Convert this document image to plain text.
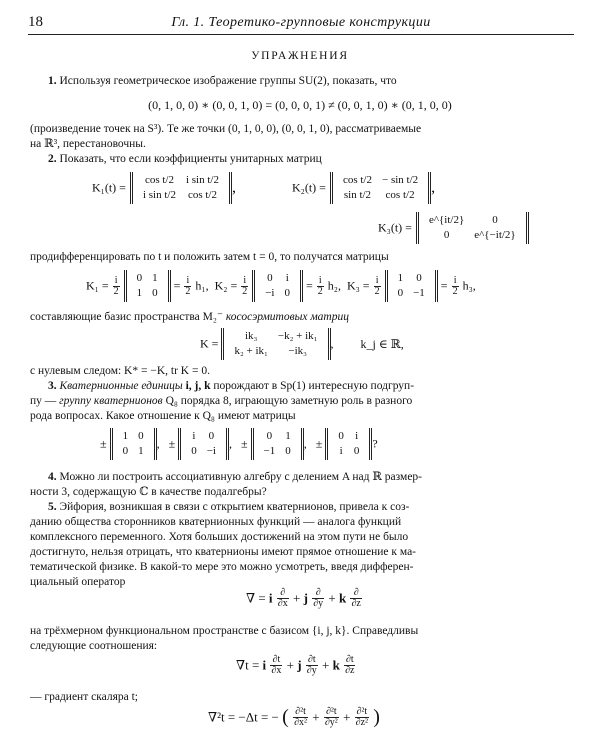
18	Гл. 1. Теоретико-групповые конструкции
УПРАЖНЕНИЯ
1. Используя геометрическое изображение группы SU(2), показать, что
(0, 1, 0, 0) ∗ (0, 0, 1, 0) = (0, 0, 0, 1) ≠ (0, 0, 1, 0) ∗ (0, 1, 0, 0)
(произведение точек на S³). Те же точки (0, 1, 0, 0), (0, 0, 1, 0), рассматриваемые
на ℝ³, перестановочны.
2. Показать, что если коэффициенты унитарных матриц
K₁(t) =
cos t/2	i sin t/2
i sin t/2	cos t/2 ,	K₂(t) =
cos t/2	− sin t/2
sin t/2	cos t/2 ,
K₃(t) =
e^{it/2}	0
0	e^{−it/2}
продифференцировать по t и положить затем t = 0, то получатся матрицы
$K_1 = \frac{i}{2}$
0	1
1	0
= $\frac{i}{2} h_1$,  $K_2 = \frac{i}{2}$
0	i
−i	0
= $\frac{i}{2} h_2$,  $K_3 = \frac{i}{2}$
1	0
0	−1
= $\frac{i}{2} h_3$,
составляющие базис пространства M₂⁻ кососэрмитовых матриц
K =
ik₃	−k₂ + ik₁
k₂ + ik₁	−ik₃
, k_j ∈ ℝ,
с нулевым следом: K* = −K, tr K = 0.
3. Кватернионные единицы i, j, k порождают в Sp(1) интересную подгруп-
пу — группу кватернионов Q₈ порядка 8, играющую заметную роль в разного
рода вопросах. Какое отношение к Q₈ имеют матрицы
±
1	0
0	1
,   ±
i	0
0	−i
,   ±
0	1
−1	0
,   ±
0	i
i	0
?
4. Можно ли построить ассоциативную алгебру с делением A над ℝ размер-
ности 3, содержащую ℂ в качестве подалгебры?
5. Эйфория, возникшая в связи с открытием кватернионов, привела к соз-
данию общества сторонников кватернионных функций — аналога функций
комплексного переменного. Хотя больших достижений на этом пути не было
достигнуто, нельзя отрицать, что кватернионы имеют прямое отношение к ма-
тематической физике. В какой-то мере это можно усмотреть, введя дифферен-
циальный оператор
∇ = i $\frac{\partial}{\partial x} + j \frac{\partial}{\partial y} + k \frac{\partial}{\partial z}$
на трёхмерном функциональном пространстве с базисом {i, j, k}. Справедливы
следующие соотношения:
∇t = i $\frac{\partial t}{\partial x} + j \frac{\partial t}{\partial y} + k \frac{\partial t}{\partial z}$
— градиент скаляра t;
∇²t = −Δt = − ( $\frac{\text{∂²t}}{\text{∂x²}} + \frac{\text{∂²t}}{\text{∂y²}} + \frac{\text{∂²t}}{\text{∂z²}}$ )
